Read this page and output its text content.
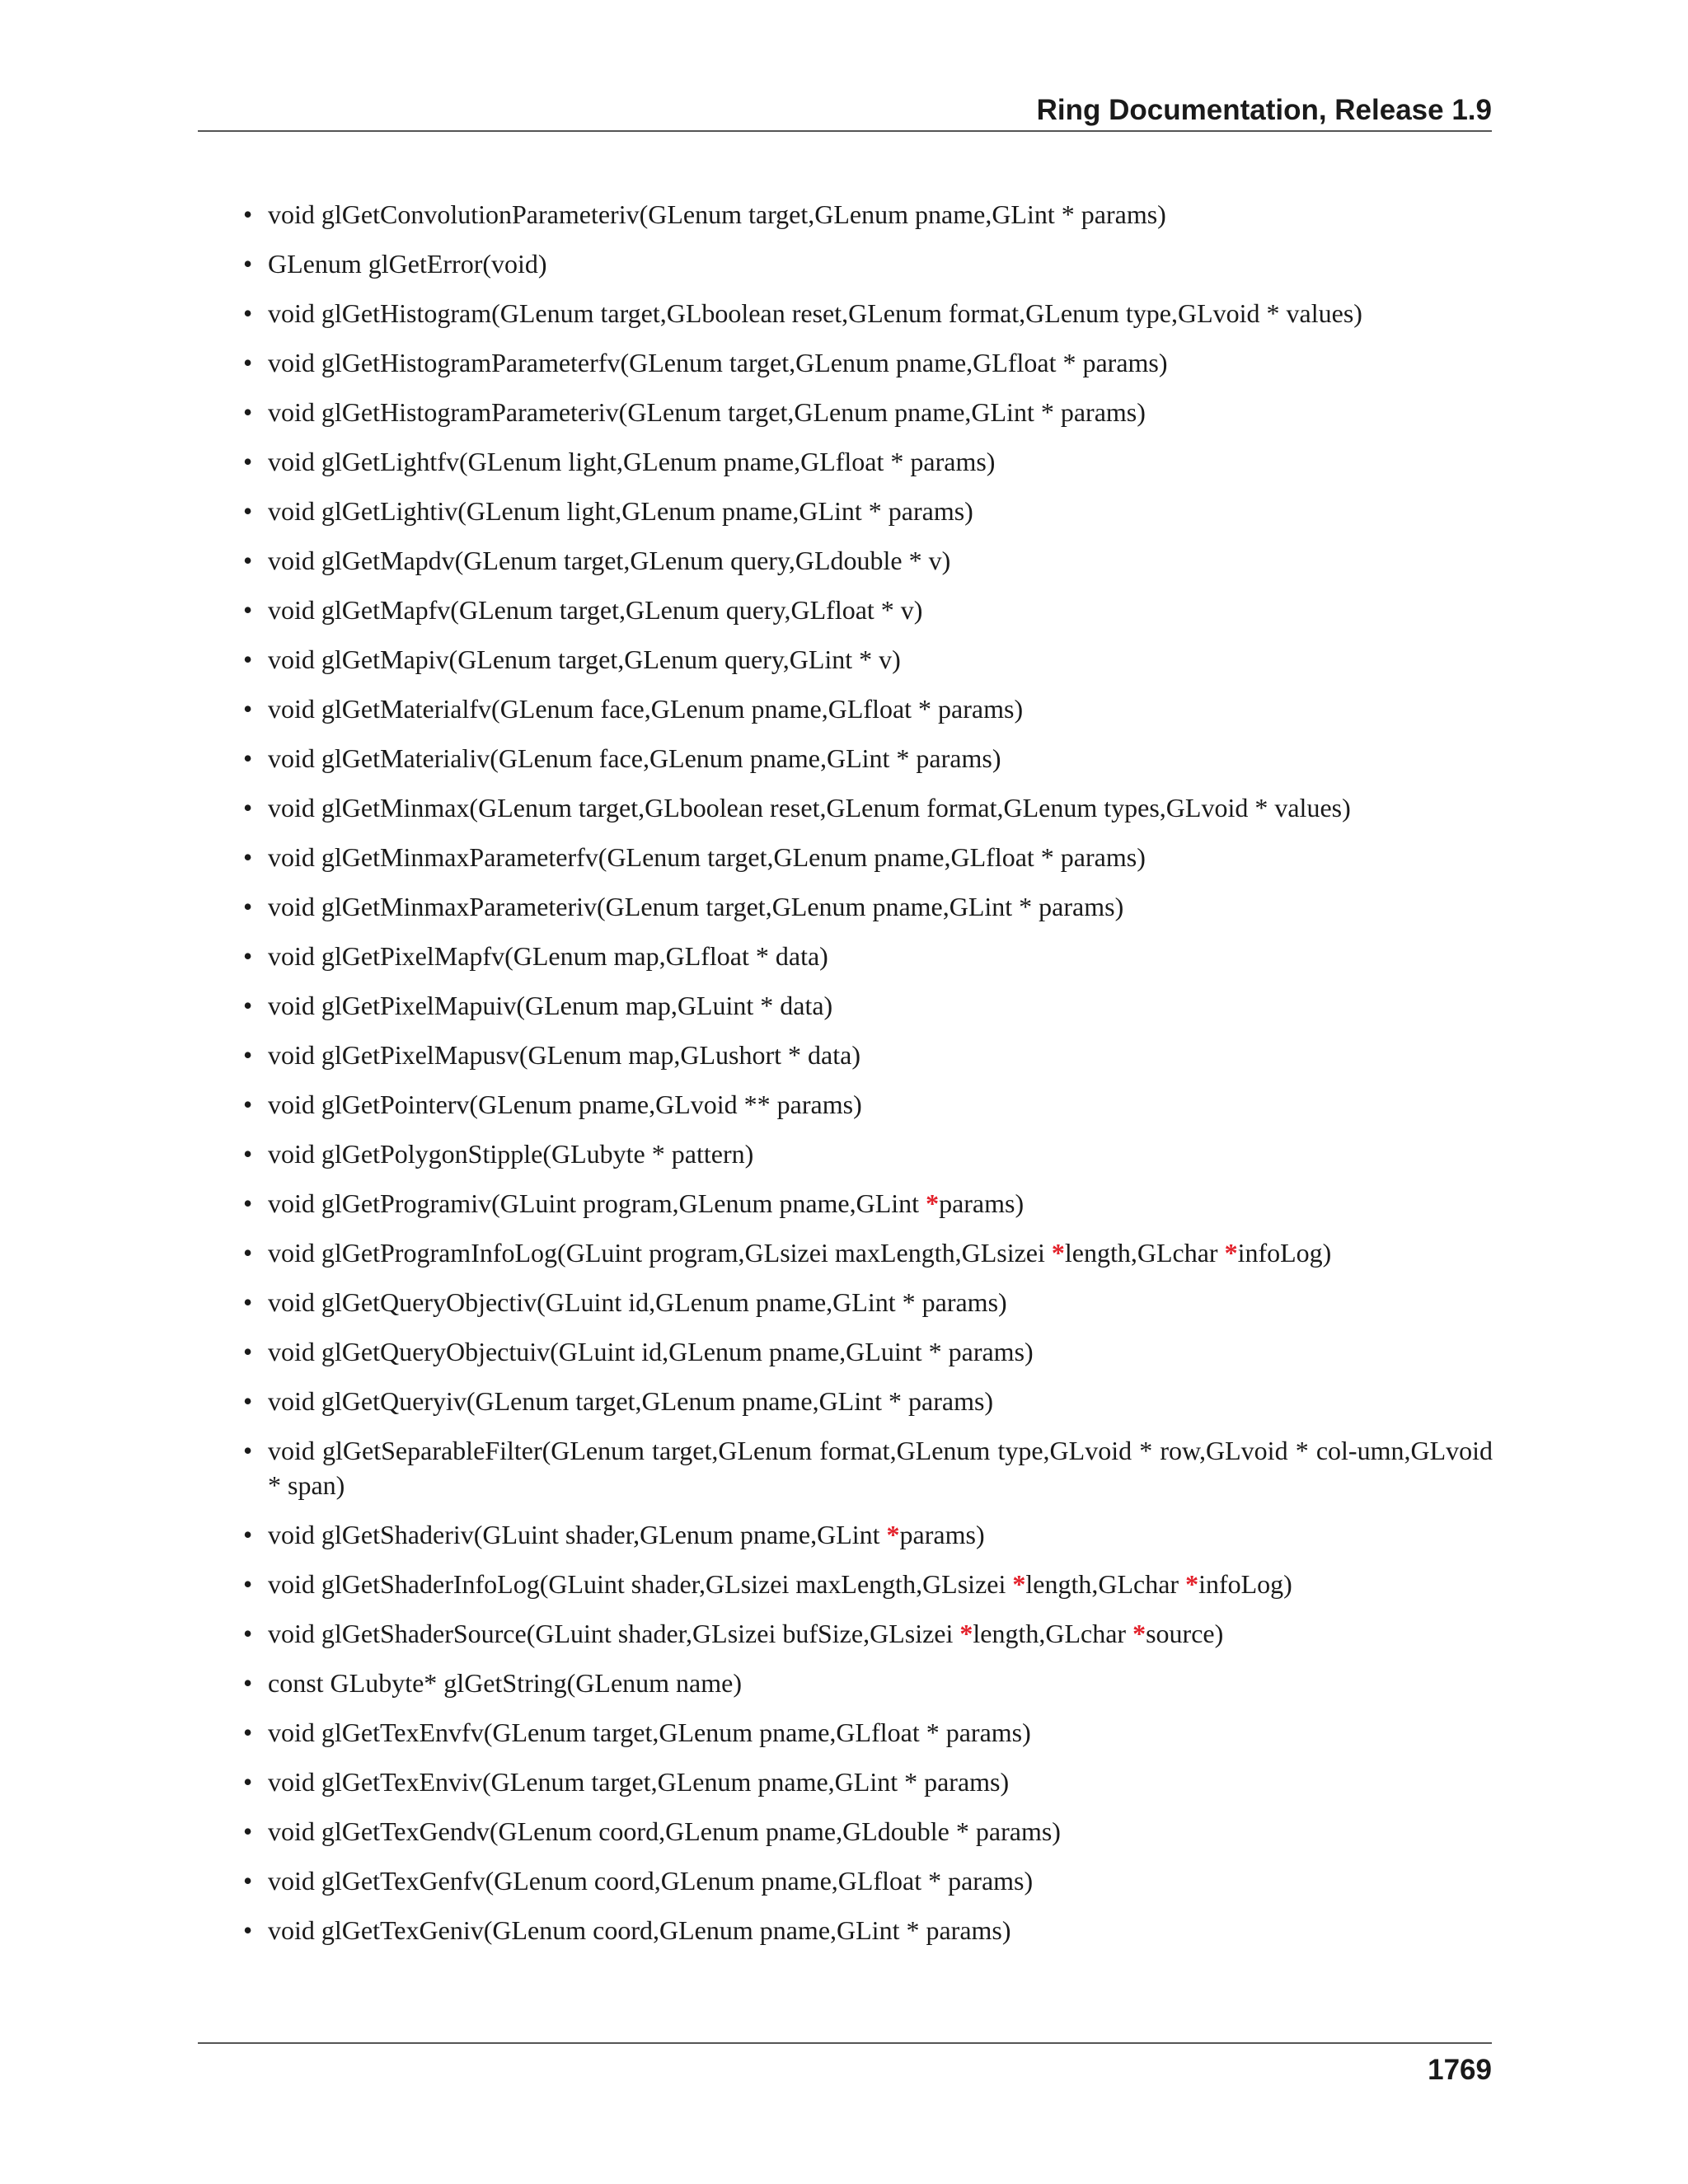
Ring Documentation, Release 1.9
• void glGetConvolutionParameteriv(GLenum target,GLenum pname,GLint * params)
• GLenum glGetError(void)
• void glGetHistogram(GLenum target,GLboolean reset,GLenum format,GLenum type,GLvoid * values)
• void glGetHistogramParameterfv(GLenum target,GLenum pname,GLfloat * params)
• void glGetHistogramParameteriv(GLenum target,GLenum pname,GLint * params)
• void glGetLightfv(GLenum light,GLenum pname,GLfloat * params)
• void glGetLightiv(GLenum light,GLenum pname,GLint * params)
• void glGetMapdv(GLenum target,GLenum query,GLdouble * v)
• void glGetMapfv(GLenum target,GLenum query,GLfloat * v)
• void glGetMapiv(GLenum target,GLenum query,GLint * v)
• void glGetMaterialfv(GLenum face,GLenum pname,GLfloat * params)
• void glGetMaterialiv(GLenum face,GLenum pname,GLint * params)
• void glGetMinmax(GLenum target,GLboolean reset,GLenum format,GLenum types,GLvoid * values)
• void glGetMinmaxParameterfv(GLenum target,GLenum pname,GLfloat * params)
• void glGetMinmaxParameteriv(GLenum target,GLenum pname,GLint * params)
• void glGetPixelMapfv(GLenum map,GLfloat * data)
• void glGetPixelMapuiv(GLenum map,GLuint * data)
• void glGetPixelMapusv(GLenum map,GLushort * data)
• void glGetPointerv(GLenum pname,GLvoid ** params)
• void glGetPolygonStipple(GLubyte * pattern)
• void glGetProgramiv(GLuint program,GLenum pname,GLint *params)
• void glGetProgramInfoLog(GLuint program,GLsizei maxLength,GLsizei *length,GLchar *infoLog)
• void glGetQueryObjectiv(GLuint id,GLenum pname,GLint * params)
• void glGetQueryObjectuiv(GLuint id,GLenum pname,GLuint * params)
• void glGetQueryiv(GLenum target,GLenum pname,GLint * params)
• void glGetSeparableFilter(GLenum target,GLenum format,GLenum type,GLvoid * row,GLvoid * col-umn,GLvoid * span)
• void glGetShaderiv(GLuint shader,GLenum pname,GLint *params)
• void glGetShaderInfoLog(GLuint shader,GLsizei maxLength,GLsizei *length,GLchar *infoLog)
• void glGetShaderSource(GLuint shader,GLsizei bufSize,GLsizei *length,GLchar *source)
• const GLubyte* glGetString(GLenum name)
• void glGetTexEnvfv(GLenum target,GLenum pname,GLfloat * params)
• void glGetTexEnviv(GLenum target,GLenum pname,GLint * params)
• void glGetTexGendv(GLenum coord,GLenum pname,GLdouble * params)
• void glGetTexGenfv(GLenum coord,GLenum pname,GLfloat * params)
• void glGetTexGeniv(GLenum coord,GLenum pname,GLint * params)
1769
